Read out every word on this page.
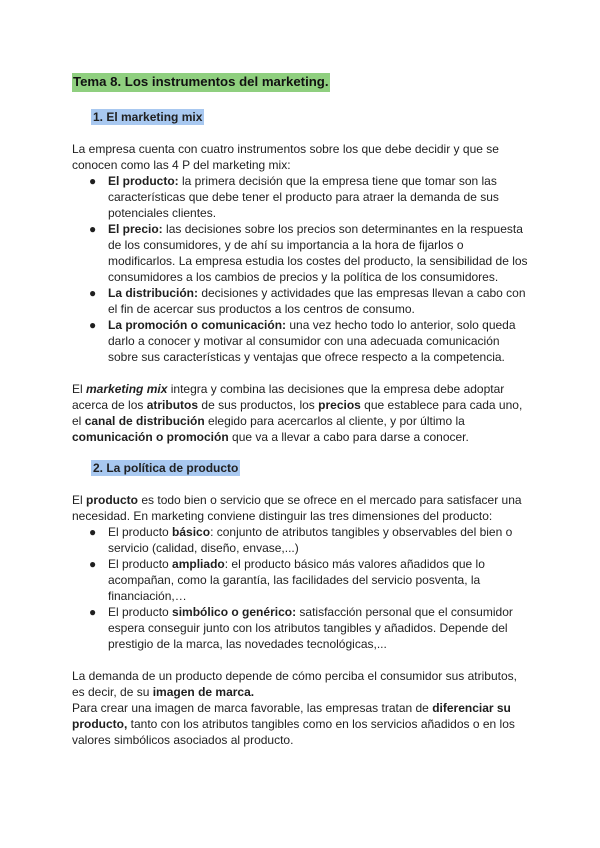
Tema 8. Los instrumentos del marketing.
1. El marketing mix
La empresa cuenta con cuatro instrumentos sobre los que debe decidir y que se conocen como las 4 P del marketing mix:
● El producto: la primera decisión que la empresa tiene que tomar son las características que debe tener el producto para atraer la demanda de sus potenciales clientes.
● El precio: las decisiones sobre los precios son determinantes en la respuesta de los consumidores, y de ahí su importancia a la hora de fijarlos o modificarlos. La empresa estudia los costes del producto, la sensibilidad de los consumidores a los cambios de precios y la política de los consumidores.
● La distribución: decisiones y actividades que las empresas llevan a cabo con el fin de acercar sus productos a los centros de consumo.
● La promoción o comunicación: una vez hecho todo lo anterior, solo queda darlo a conocer y motivar al consumidor con una adecuada comunicación sobre sus características y ventajas que ofrece respecto a la competencia.
El marketing mix integra y combina las decisiones que la empresa debe adoptar acerca de los atributos de sus productos, los precios que establece para cada uno, el canal de distribución elegido para acercarlos al cliente, y por último la comunicación o promoción que va a llevar a cabo para darse a conocer.
2. La política de producto
El producto es todo bien o servicio que se ofrece en el mercado para satisfacer una necesidad. En marketing conviene distinguir las tres dimensiones del producto:
● El producto básico: conjunto de atributos tangibles y observables del bien o servicio (calidad, diseño, envase,...)
● El producto ampliado: el producto básico más valores añadidos que lo acompañan, como la garantía, las facilidades del servicio posventa, la financiación,…
● El producto simbólico o genérico: satisfacción personal que el consumidor espera conseguir junto con los atributos tangibles y añadidos. Depende del prestigio de la marca, las novedades tecnológicas,...
La demanda de un producto depende de cómo perciba el consumidor sus atributos, es decir, de su imagen de marca.
Para crear una imagen de marca favorable, las empresas tratan de diferenciar su producto, tanto con los atributos tangibles como en los servicios añadidos o en los valores simbólicos asociados al producto.
